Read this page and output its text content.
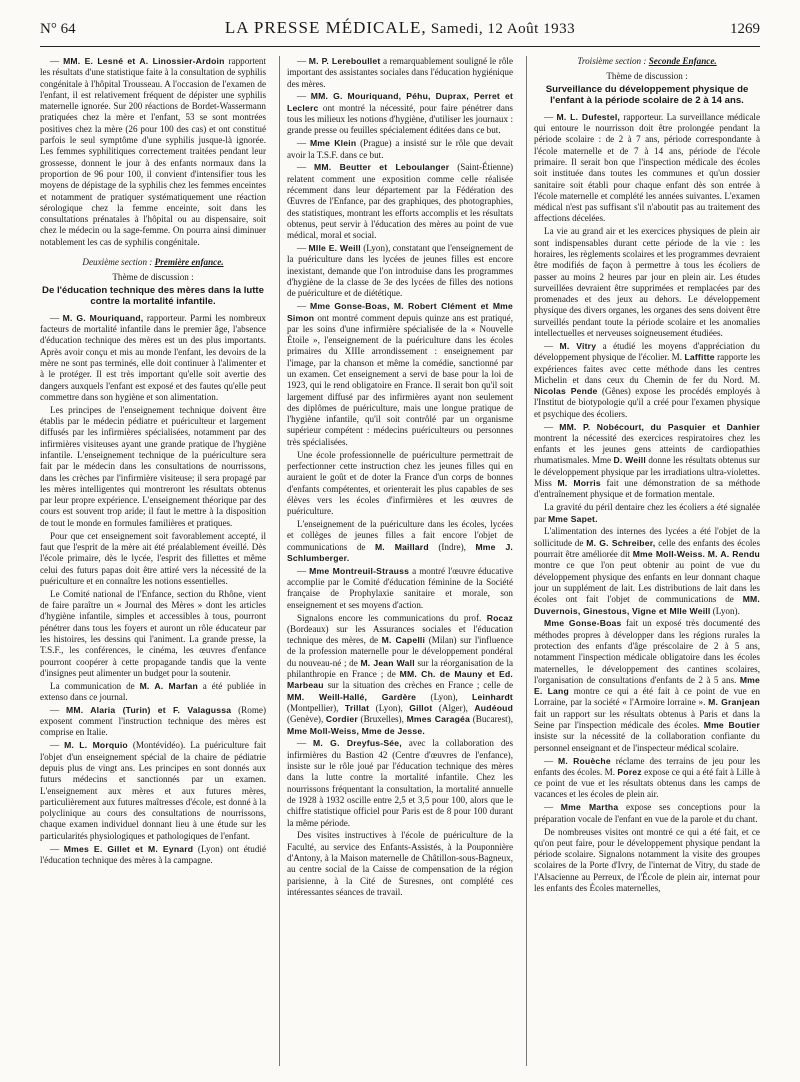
N° 64	LA PRESSE MÉDICALE, Samedi, 12 Août 1933	1269

— MM. E. Lesné et A. Linossier-Ardoin rapportent les résultats d'une statistique faite à la consultation de syphilis congénitale à l'hôpital Trousseau. A l'occasion de l'examen de l'enfant, il est relativement fréquent de dépister une syphilis maternelle ignorée. Sur 200 réactions de Bordet-Wassermann pratiquées chez la mère et l'enfant, 53 se sont montrées positives chez la mère (26 pour 100 des cas) et ont constitué parfois le seul symptôme d'une syphilis jusque-là ignorée. Les femmes syphilitiques correctement traitées pendant leur grossesse, donnent le jour à des enfants normaux dans la proportion de 96 pour 100, il convient d'intensifier tous les moyens de dépistage de la syphilis chez les femmes enceintes et notamment de pratiquer systématiquement une réaction sérologique chez la femme enceinte, soit dans les consultations prénatales à l'hôpital ou au dispensaire, soit chez le médecin ou la sage-femme. On pourra ainsi diminuer notablement les cas de syphilis congénitale.

Deuxième section : Première enfance.
Thème de discussion :
De l'éducation technique des mères dans la lutte contre la mortalité infantile.

— M. G. Mouriquand, rapporteur. Parmi les nombreux facteurs de mortalité infantile dans le premier âge, l'absence d'éducation technique des mères est un des plus importants. Après avoir conçu et mis au monde l'enfant, les devoirs de la mère ne sont pas terminés, elle doit continuer à l'alimenter et à le protéger. Il est très important qu'elle soit avertie des dangers auxquels l'enfant est exposé et des fautes qu'elle peut commettre dans son hygiène et son alimentation.

Les principes de l'enseignement technique doivent être établis par le médecin pédiatre et puériculteur et largement diffusés par les infirmières spécialisées, notamment par des infirmières visiteuses ayant une grande pratique de l'hygiène infantile. L'enseignement technique de la puériculture sera fait par le médecin dans les consultations de nourrissons, dans les crèches par l'infirmière visiteuse; il sera propagé par les mères intelligentes qui montreront les résultats obtenus par leur propre expérience. L'enseignement théorique par des cours est souvent trop aride; il faut le mettre à la disposition de tout le monde en formules familières et pratiques.

Pour que cet enseignement soit favorablement accepté, il faut que l'esprit de la mère ait été préalablement éveillé. Dès l'école primaire, dès le lycée, l'esprit des fillettes et même celui des futurs papas doit être attiré vers la nécessité de la puériculture et en connaître les notions essentielles.

Le Comité national de l'Enfance, section du Rhône, vient de faire paraître un « Journal des Mères » dont les articles d'hygiène infantile, simples et accessibles à tous, pourront pénétrer dans tous les foyers et auront un rôle éducateur par les histoires, les dessins qui l'animent. La grande presse, la T.S.F., les conférences, le cinéma, les œuvres d'enfance pourront coopérer à cette propagande tandis que la vente d'insignes peut alimenter un budget pour la soutenir.

La communication de M. A. Marfan a été publiée in extenso dans ce journal.

— MM. Alaria (Turin) et F. Valagussa (Rome) exposent comment l'instruction technique des mères est comprise en Italie.

— M. L. Morquio (Montévidéo). La puériculture fait l'objet d'un enseignement spécial de la chaire de pédiatrie depuis plus de vingt ans. Les principes en sont donnés aux futurs médecins et sanctionnés par un examen. L'enseignement aux mères et aux futures mères, particulièrement aux futures maîtresses d'école, est donné à la polyclinique au cours des consultations de nourrissons, chaque examen individuel donnant lieu à une étude sur les particularités physiologiques et pathologiques de l'enfant.

— Mmes E. Gillet et M. Eynard (Lyon) ont étudié l'éducation technique des mères à la campagne.

— M. P. Lereboullet a remarquablement souligné le rôle important des assistantes sociales dans l'éducation hygiénique des mères.

— MM. G. Mouriquand, Péhu, Duprax, Perret et Leclerc ont montré la nécessité, pour faire pénétrer dans tous les milieux les notions d'hygiène, d'utiliser les journaux : grande presse ou feuilles spécialement éditées dans ce but.

— Mme Klein (Prague) a insisté sur le rôle que devait avoir la T.S.F. dans ce but.

— MM. Beutter et Leboulanger (Saint-Étienne) relatent comment une exposition comme celle réalisée récemment dans leur département par la Fédération des Œuvres de l'Enfance, par des graphiques, des photographies, des statistiques, montrant les efforts accomplis et les résultats obtenus, peut servir à l'éducation des mères au point de vue médical, moral et social.

— Mlle E. Weill (Lyon), constatant que l'enseignement de la puériculture dans les lycées de jeunes filles est encore inexistant, demande que l'on introduise dans les programmes d'hygiène de la classe de 3e des lycées de filles des notions de puériculture et de diététique.

— Mme Gonse-Boas, M. Robert Clément et Mme Simon ont montré comment depuis quinze ans est pratiqué, par les soins d'une infirmière spécialisée de la « Nouvelle Étoile », l'enseignement de la puériculture dans les écoles primaires du XIIIe arrondissement : enseignement par l'image, par la chanson et même la comédie, sanctionné par un examen. Cet enseignement a servi de base pour la loi de 1923, qui le rend obligatoire en France. Il serait bon qu'il soit largement diffusé par des infirmières ayant non seulement des diplômes de puériculture, mais une longue pratique de l'hygiène infantile, qu'il soit contrôlé par un organisme supérieur compétent : médecins puériculteurs ou personnes très spécialisées.

Une école professionnelle de puériculture permettrait de perfectionner cette instruction chez les jeunes filles qui en auraient le goût et de doter la France d'un corps de bonnes d'enfants compétentes, et orienterait les plus capables de ses élèves vers les écoles d'infirmières et les œuvres de puériculture.

L'enseignement de la puériculture dans les écoles, lycées et collèges de jeunes filles a fait encore l'objet de communications de M. Maillard (Indre), Mme J. Schlumberger.

— Mme Montreuil-Strauss a montré l'œuvre éducative accomplie par le Comité d'éducation féminine de la Société française de Prophylaxie sanitaire et morale, son enseignement et ses moyens d'action.

Signalons encore les communications du prof. Rocaz (Bordeaux) sur les Assurances sociales et l'éducation technique des mères, de M. Capelli (Milan) sur l'influence de la profession maternelle pour le développement pondéral du nouveau-né ; de M. Jean Wall sur la réorganisation de la philanthropie en France ; de MM. Ch. de Mauny et Ed. Marbeau sur la situation des crèches en France ; celle de MM. Weill-Hallé, Gardère (Lyon), Leinhardt (Montpellier), Trillat (Lyon), Gillot (Alger), Audéoud (Genève), Cordier (Bruxelles), Mmes Caragéa (Bucarest), Mme Moll-Weiss, Mme de Jesse.

— M. G. Dreyfus-Sée, avec la collaboration des infirmières du Bastion 42 (Centre d'œuvres de l'enfance), insiste sur le rôle joué par l'éducation technique des mères dans la lutte contre la mortalité infantile. Chez les nourrissons fréquentant la consultation, la mortalité annuelle de 1928 à 1932 oscille entre 2,5 et 3,5 pour 100, alors que le chiffre statistique officiel pour Paris est de 8 pour 100 durant la même période.

Des visites instructives à l'école de puériculture de la Faculté, au service des Enfants-Assistés, à la Pouponnière d'Antony, à la Maison maternelle de Châtillon-sous-Bagneux, au centre social de la Caisse de compensation de la région parisienne, à la Cité de Suresnes, ont complété ces intéressantes séances de travail.

Troisième section : Seconde Enfance.
Thème de discussion :
Surveillance du développement physique de l'enfant à la période scolaire de 2 à 14 ans.

— M. L. Dufestel, rapporteur. La surveillance médicale qui entoure le nourrisson doit être prolongée pendant la période scolaire : de 2 à 7 ans, période correspondante à l'école maternelle et de 7 à 14 ans, période de l'école primaire. Il serait bon que l'inspection médicale des écoles soit instituée dans toutes les communes et qu'un dossier sanitaire soit établi pour chaque enfant dès son entrée à l'école maternelle et complété les années suivantes. L'examen médical n'est pas suffisant s'il n'aboutit pas au traitement des affections décelées.

La vie au grand air et les exercices physiques de plein air sont indispensables durant cette période de la vie : les horaires, les règlements scolaires et les programmes devraient être modifiés de façon à permettre à tous les écoliers de passer au moins 2 heures par jour en plein air. Les études surveillées devraient être supprimées et remplacées par des promenades et des jeux au dehors. Le développement physique des divers organes, les organes des sens doivent être surveillés pendant toute la période scolaire et les anomalies intellectuelles et nerveuses soigneusement étudiées.

— M. Vitry a étudié les moyens d'appréciation du développement physique de l'écolier. M. Laffitte rapporte les expériences faites avec cette méthode dans les centres Michelin et dans ceux du Chemin de fer du Nord. M. Nicolas Pende (Gênes) expose les procédés employés à l'Institut de biotypologie qu'il a créé pour l'examen physique et psychique des écoliers.

— MM. P. Nobécourt, du Pasquier et Danhier montrent la nécessité des exercices respiratoires chez les enfants et les jeunes gens atteints de cardiopathies rhumatismales. Mme D. Weill donne les résultats obtenus sur le développement physique par les irradiations ultra-violettes. Miss M. Morris fait une démonstration de sa méthode d'entraînement physique et de formation mentale.

La gravité du péril dentaire chez les écoliers a été signalée par Mme Sapet.

L'alimentation des internes des lycées a été l'objet de la sollicitude de M. G. Schreiber, celle des enfants des écoles pourrait être améliorée dit Mme Moll-Weiss. M. A. Rendu montre ce que l'on peut obtenir au point de vue du développement physique des enfants en leur donnant chaque jour un supplément de lait. Les distributions de lait dans les écoles ont fait l'objet de communications de MM. Duvernois, Ginestous, Vigne et Mlle Weill (Lyon).

Mme Gonse-Boas fait un exposé très documenté des méthodes propres à développer dans les régions rurales la protection des enfants d'âge préscolaire de 2 à 5 ans, notamment l'inspection médicale obligatoire dans les écoles maternelles, le développement des cantines scolaires, l'organisation de consultations d'enfants de 2 à 5 ans. Mme E. Lang montre ce qui a été fait à ce point de vue en Lorraine, par la société « l'Armoire lorraine ». M. Granjean fait un rapport sur les résultats obtenus à Paris et dans la Seine par l'inspection médicale des écoles. Mme Boutier insiste sur la nécessité de la collaboration confiante du personnel enseignant et de l'inspecteur médical scolaire.

— M. Rouèche réclame des terrains de jeu pour les enfants des écoles. M. Porez expose ce qui a été fait à Lille à ce point de vue et les résultats obtenus dans les camps de vacances et les écoles de plein air.

— Mme Martha expose ses conceptions pour la préparation vocale de l'enfant en vue de la parole et du chant.

De nombreuses visites ont montré ce qui a été fait, et ce qu'on peut faire, pour le développement physique pendant la période scolaire. Signalons notamment la visite des groupes scolaires de la Porte d'Ivry, de l'internat de Vitry, du stade de l'Alsacienne au Perreux, de l'École de plein air, internat pour les enfants des Écoles maternelles,
